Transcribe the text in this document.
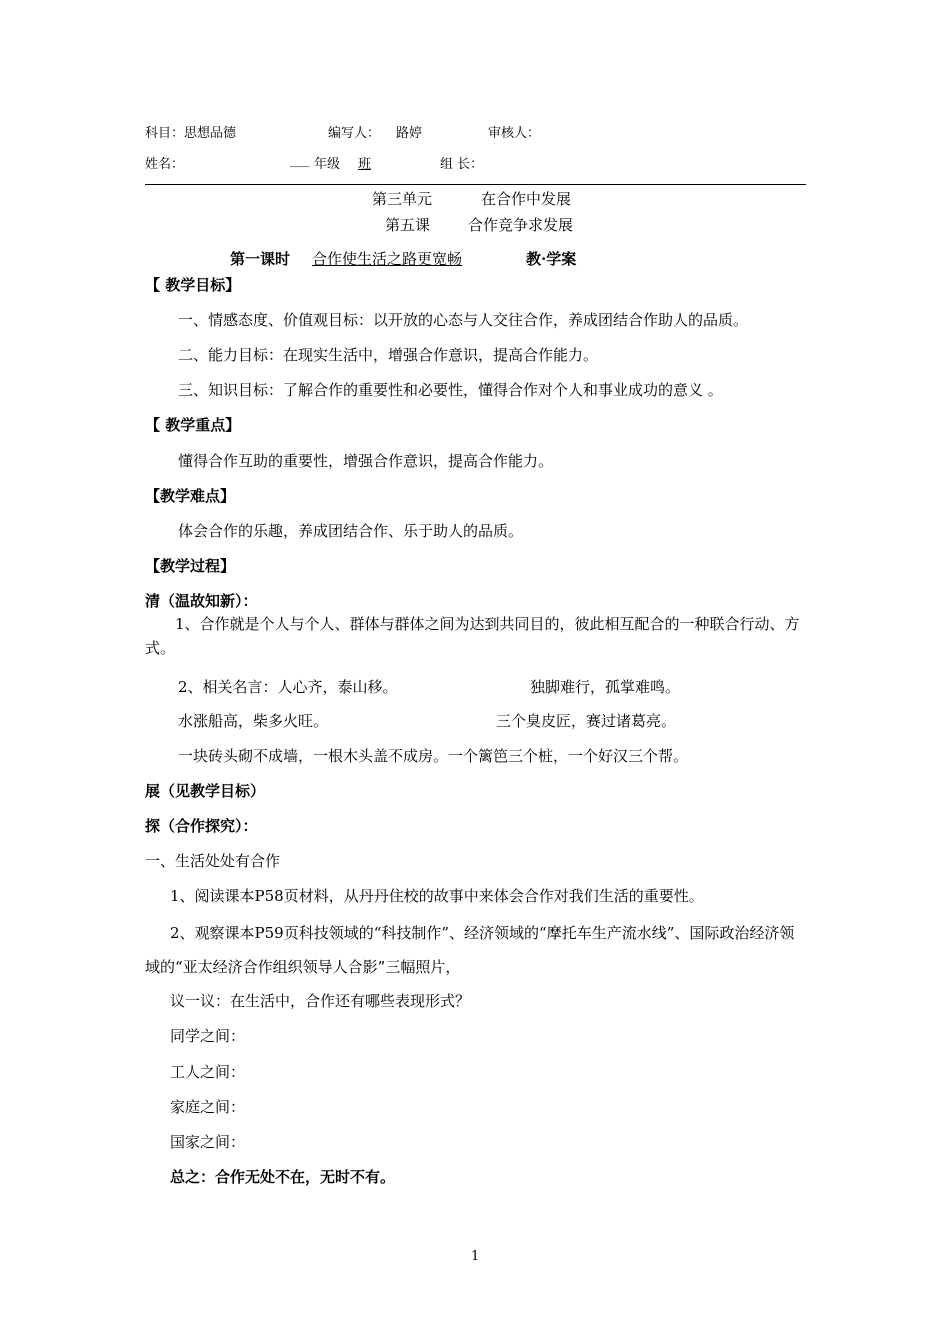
科目：思想品德	编写人： 路婷	审核人：
姓名：	___ 年级	班	组 长：
第三单元	在合作中发展
第五课	合作竞争求发展
第一课时	合作使生活之路更宽畅	教·学案
【 教学目标】
一、情感态度、价值观目标：以开放的心态与人交往合作，养成团结合作助人的品质。
二、能力目标：在现实生活中，增强合作意识，提高合作能力。
三、知识目标：了解合作的重要性和必要性，懂得合作对个人和事业成功的意义 。
【 教学重点】
懂得合作互助的重要性，增强合作意识，提高合作能力。
【教学难点】
体会合作的乐趣，养成团结合作、乐于助人的品质。
【教学过程】
清（温故知新）：
1、合作就是个人与个人、群体与群体之间为达到共同目的，彼此相互配合的一种联合行动、方式。
2、相关名言：人心齐，泰山移。	独脚难行，孤掌难鸣。
水涨船高，柴多火旺。	三个臭皮匠，赛过诸葛亮。
一块砖头砌不成墙，一根木头盖不成房。一个篱笆三个桩，一个好汉三个帮。
展（见教学目标）
探（合作探究）：
一、生活处处有合作
1、阅读课本P58页材料，从丹丹住校的故事中来体会合作对我们生活的重要性。
2、观察课本P59页科技领域的“科技制作”、经济领域的“摩托车生产流水线”、国际政治经济领域的“亚太经济合作组织领导人合影”三幅照片，
议一议：在生活中，合作还有哪些表现形式？
同学之间：
工人之间：
家庭之间：
国家之间：
总之：合作无处不在，无时不有。
1
